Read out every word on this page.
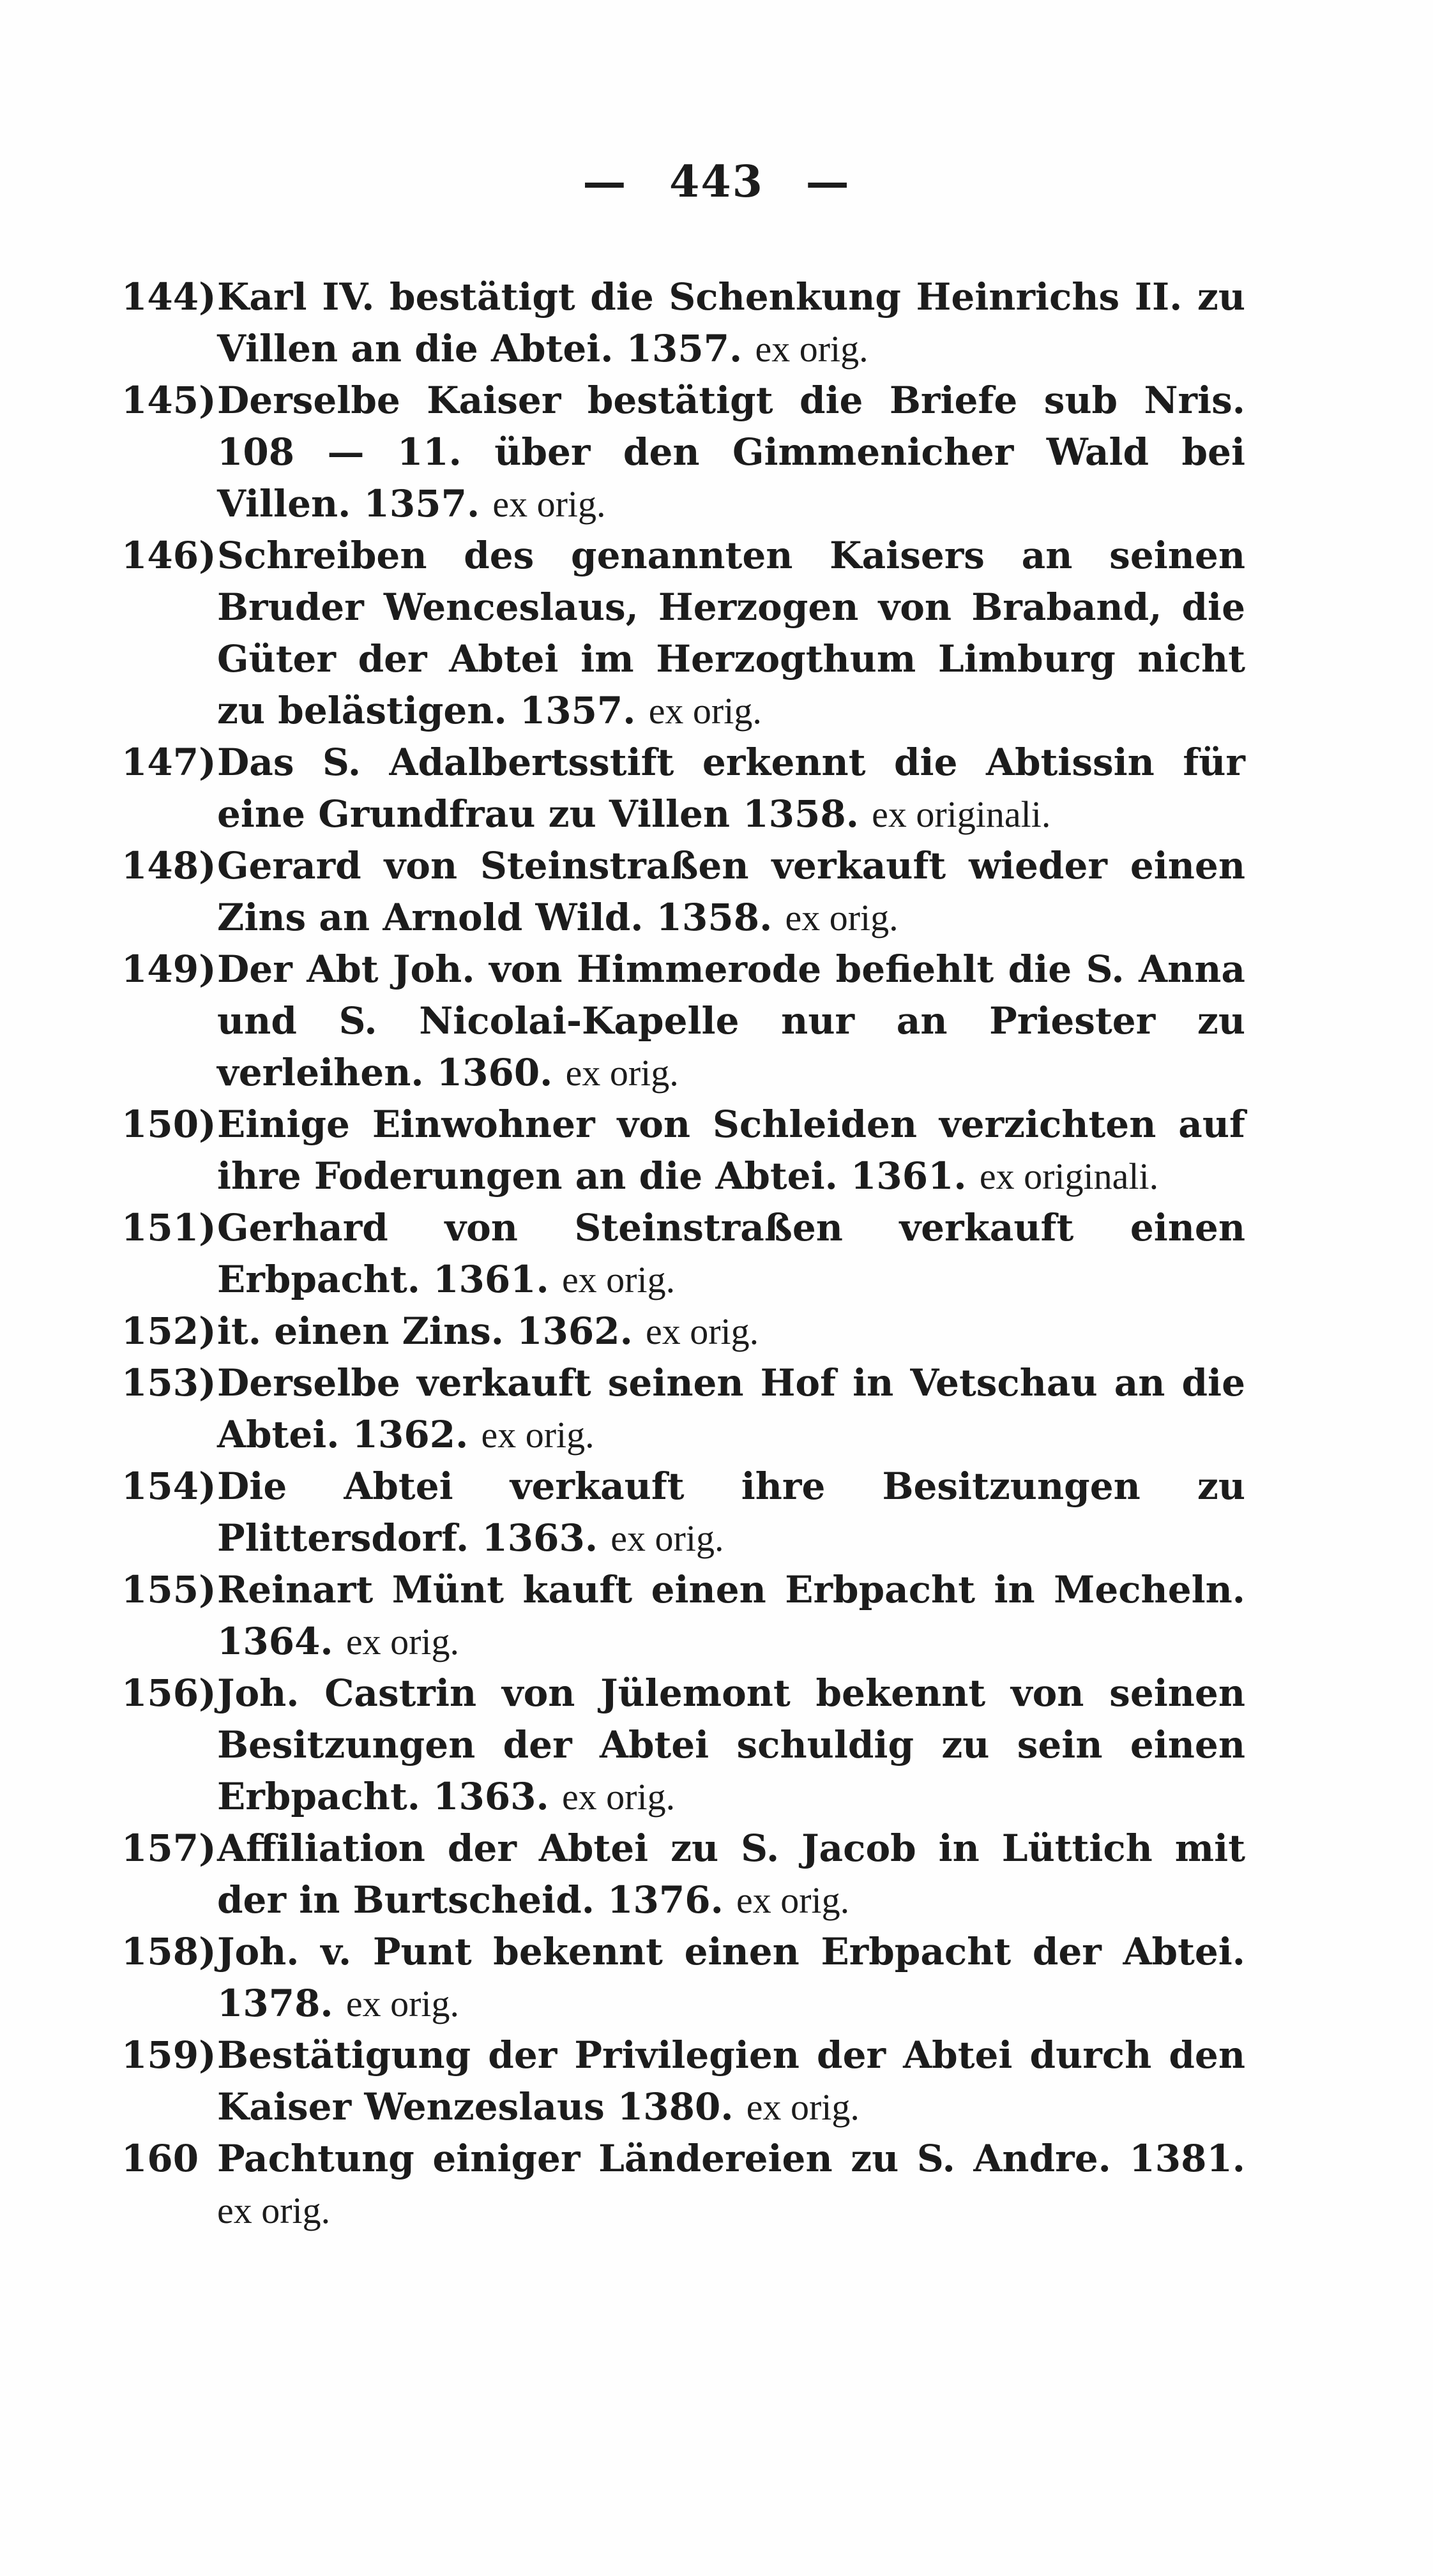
— 443 —

144) Karl IV. bestätigt die Schenkung Heinrichs II. zu Villen an die Abtei. 1357. ex orig.

145) Derselbe Kaiser bestätigt die Briefe sub Nris. 108 — 11. über den Gimmenicher Wald bei Villen. 1357. ex orig.

146) Schreiben des genannten Kaisers an seinen Bruder Wenceslaus, Herzogen von Braband, die Güter der Abtei im Herzogthum Limburg nicht zu belästigen. 1357. ex orig.

147) Das S. Adalbertsstift erkennt die Abtissin für eine Grundfrau zu Villen 1358. ex originali.

148) Gerard von Steinstraßen verkauft wieder einen Zins an Arnold Wild. 1358. ex orig.

149) Der Abt Joh. von Himmerode befiehlt die S. Anna und S. Nicolai-Kapelle nur an Priester zu verleihen. 1360. ex orig.

150) Einige Einwohner von Schleiden verzichten auf ihre Foderungen an die Abtei. 1361. ex originali.

151) Gerhard von Steinstraßen verkauft einen Erbpacht. 1361. ex orig.

152) it. einen Zins. 1362. ex orig.

153) Derselbe verkauft seinen Hof in Vetschau an die Abtei. 1362. ex orig.

154) Die Abtei verkauft ihre Besitzungen zu Plittersdorf. 1363. ex orig.

155) Reinart Münt kauft einen Erbpacht in Mecheln. 1364. ex orig.

156) Joh. Castrin von Jülemont bekennt von seinen Besitzungen der Abtei schuldig zu sein einen Erbpacht. 1363. ex orig.

157) Affiliation der Abtei zu S. Jacob in Lüttich mit der in Burtscheid. 1376. ex orig.

158) Joh. v. Punt bekennt einen Erbpacht der Abtei. 1378. ex orig.

159) Bestätigung der Privilegien der Abtei durch den Kaiser Wenzeslaus 1380. ex orig.

160 Pachtung einiger Ländereien zu S. Andre. 1381. ex orig.
